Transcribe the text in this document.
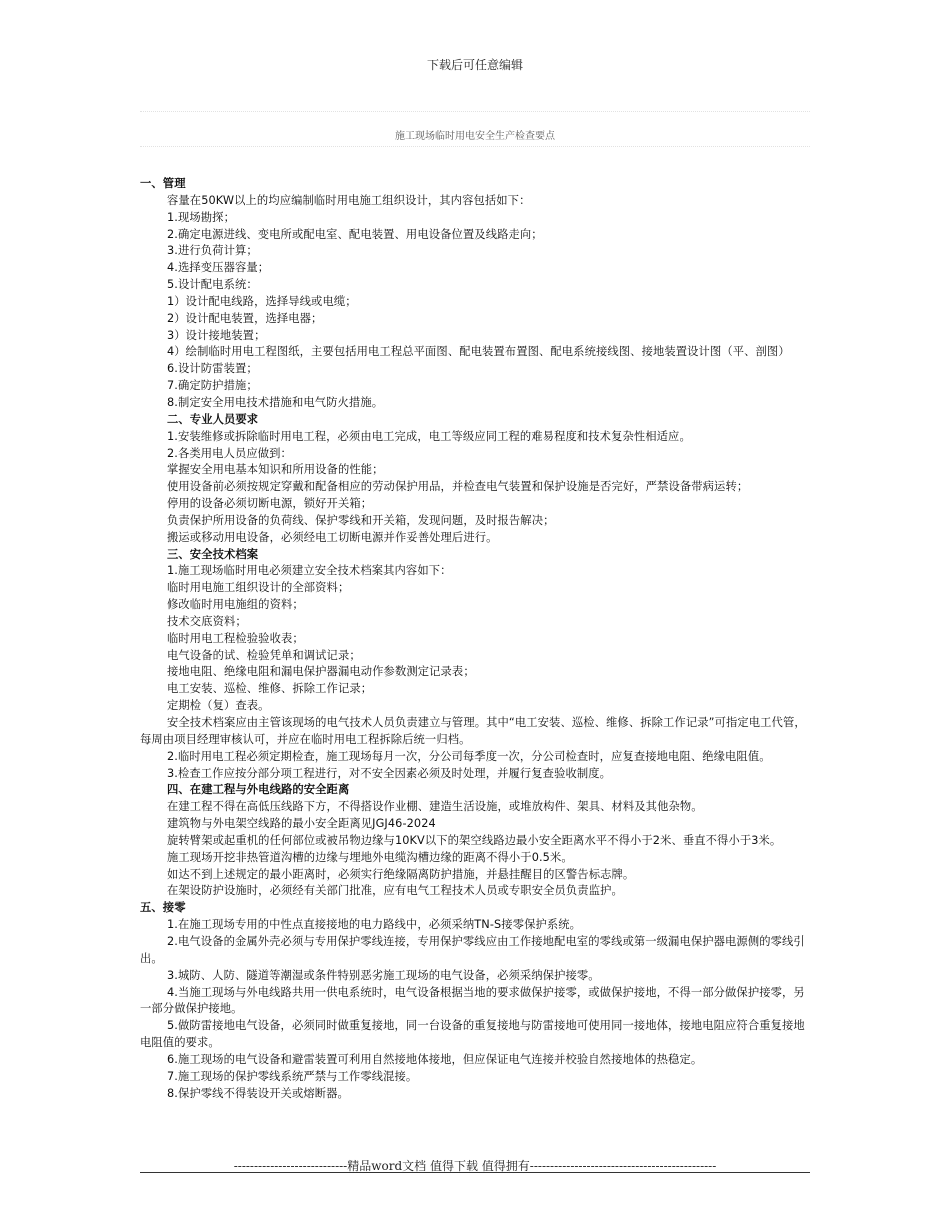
下载后可任意编辑
施工现场临时用电安全生产检查要点

一、管理

容量在50KW以上的均应编制临时用电施工组织设计，其内容包括如下：

1.现场勘探；

2.确定电源进线、变电所或配电室、配电装置、用电设备位置及线路走向；

3.进行负荷计算；

4.选择变压器容量；

5.设计配电系统：

1）设计配电线路，选择导线或电缆；

2）设计配电装置，选择电器；

3）设计接地装置；

4）绘制临时用电工程图纸，主要包括用电工程总平面图、配电装置布置图、配电系统接线图、接地装置设计图（平、剖图）

6.设计防雷装置；

7.确定防护措施；

8.制定安全用电技术措施和电气防火措施。

二、专业人员要求

1.安装维修或拆除临时用电工程，必须由电工完成，电工等级应同工程的难易程度和技术复杂性相适应。

2.各类用电人员应做到：

掌握安全用电基本知识和所用设备的性能；

使用设备前必须按规定穿戴和配备相应的劳动保护用品，并检查电气装置和保护设施是否完好，严禁设备带病运转；

停用的设备必须切断电源，锁好开关箱；

负责保护所用设备的负荷线、保护零线和开关箱，发现问题，及时报告解决；

搬运或移动用电设备，必须经电工切断电源并作妥善处理后进行。

三、安全技术档案

1.施工现场临时用电必须建立安全技术档案其内容如下：

临时用电施工组织设计的全部资料；

修改临时用电施组的资料；

技术交底资料；

临时用电工程检验验收表；

电气设备的试、检验凭单和调试记录；

接地电阻、绝缘电阻和漏电保护器漏电动作参数测定记录表；

电工安装、巡检、维修、拆除工作记录；

定期检（复）查表。

安全技术档案应由主管该现场的电气技术人员负责建立与管理。其中“电工安装、巡检、维修、拆除工作记录”可指定电工代管，每周由项目经理审核认可，并应在临时用电工程拆除后统一归档。

2.临时用电工程必须定期检查，施工现场每月一次，分公司每季度一次，分公司检查时，应复查接地电阻、绝缘电阻值。

3.检查工作应按分部分项工程进行，对不安全因素必须及时处理，并履行复查验收制度。

四、在建工程与外电线路的安全距离

在建工程不得在高低压线路下方，不得搭设作业棚、建造生活设施，或堆放构件、架具、材料及其他杂物。

建筑物与外电架空线路的最小安全距离见JGJ46-2024

旋转臂架或起重机的任何部位或被吊物边缘与10KV以下的架空线路边最小安全距离水平不得小于2米、垂直不得小于3米。

施工现场开挖非热管道沟槽的边缘与埋地外电缆沟槽边缘的距离不得小于0.5米。

如达不到上述规定的最小距离时，必须实行绝缘隔离防护措施，并悬挂醒目的区警告标志牌。

在架设防护设施时，必须经有关部门批准，应有电气工程技术人员或专职安全员负责监护。

五、接零

1.在施工现场专用的中性点直接接地的电力路线中，必须采纳TN-S接零保护系统。

2.电气设备的金属外壳必须与专用保护零线连接，专用保护零线应由工作接地配电室的零线或第一级漏电保护器电源侧的零线引出。

3.城防、人防、隧道等潮湿或条件特别恶劣施工现场的电气设备，必须采纳保护接零。

4.当施工现场与外电线路共用一供电系统时，电气设备根据当地的要求做保护接零，或做保护接地，不得一部分做保护接零，另一部分做保护接地。

5.做防雷接地电气设备，必须同时做重复接地，同一台设备的重复接地与防雷接地可使用同一接地体，接地电阻应符合重复接地电阻值的要求。

6.施工现场的电气设备和避雷装置可利用自然接地体接地，但应保证电气连接并校验自然接地体的热稳定。

7.施工现场的保护零线系统严禁与工作零线混接。

8.保护零线不得装设开关或熔断器。

----------------------------精品word文档 值得下载 值得拥有----------------------------------------------
